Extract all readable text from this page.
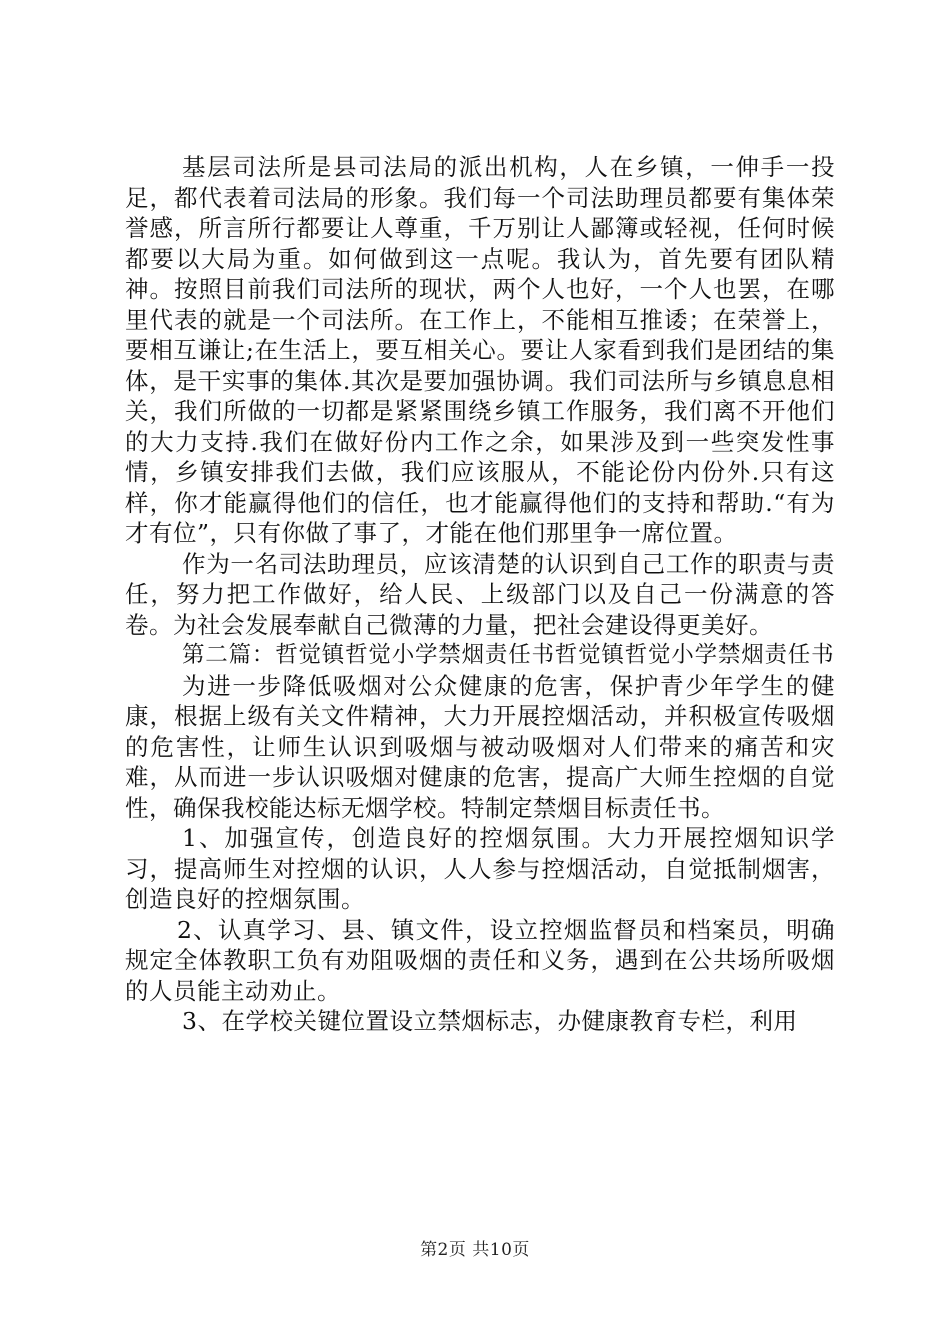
基层司法所是县司法局的派出机构，人在乡镇，一伸手一投足，都代表着司法局的形象。我们每一个司法助理员都要有集体荣誉感，所言所行都要让人尊重，千万别让人鄙簿或轻视，任何时候都要以大局为重。如何做到这一点呢。我认为，首先要有团队精神。按照目前我们司法所的现状，两个人也好，一个人也罢，在哪里代表的就是一个司法所。在工作上，不能相互推诿；在荣誉上，要相互谦让;在生活上，要互相关心。要让人家看到我们是团结的集体，是干实事的集体.其次是要加强协调。我们司法所与乡镇息息相关，我们所做的一切都是紧紧围绕乡镇工作服务，我们离不开他们的大力支持.我们在做好份内工作之余，如果涉及到一些突发性事情，乡镇安排我们去做，我们应该服从，不能论份内份外.只有这样，你才能赢得他们的信任，也才能赢得他们的支持和帮助.“有为才有位”，只有你做了事了，才能在他们那里争一席位置。

作为一名司法助理员，应该清楚的认识到自己工作的职责与责任，努力把工作做好，给人民、上级部门以及自己一份满意的答卷。为社会发展奉献自己微薄的力量，把社会建设得更美好。

第二篇：哲觉镇哲觉小学禁烟责任书哲觉镇哲觉小学禁烟责任书

为进一步降低吸烟对公众健康的危害，保护青少年学生的健康，根据上级有关文件精神，大力开展控烟活动，并积极宣传吸烟的危害性，让师生认识到吸烟与被动吸烟对人们带来的痛苦和灾难，从而进一步认识吸烟对健康的危害，提高广大师生控烟的自觉性，确保我校能达标无烟学校。特制定禁烟目标责任书。

1、加强宣传，创造良好的控烟氛围。大力开展控烟知识学习，提高师生对控烟的认识，人人参与控烟活动，自觉抵制烟害，创造良好的控烟氛围。

2、认真学习、县、镇文件，设立控烟监督员和档案员，明确规定全体教职工负有劝阻吸烟的责任和义务，遇到在公共场所吸烟的人员能主动劝止。

3、在学校关键位置设立禁烟标志，办健康教育专栏，利用

第2页 共10页
